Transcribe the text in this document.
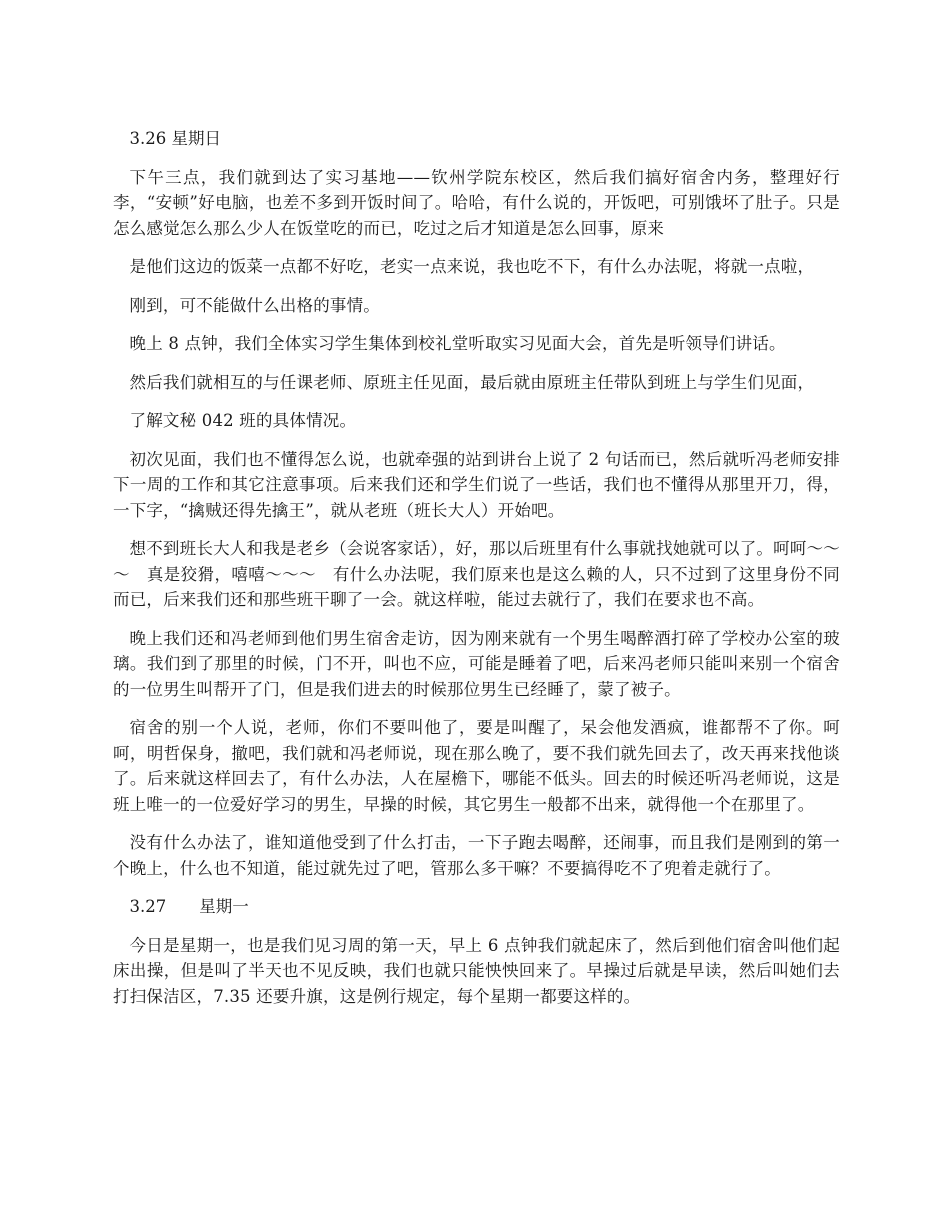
3.26 星期日

下午三点，我们就到达了实习基地——钦州学院东校区，然后我们搞好宿舍内务，整理好行李，“安顿”好电脑，也差不多到开饭时间了。哈哈，有什么说的，开饭吧，可别饿坏了肚子。只是怎么感觉怎么那么少人在饭堂吃的而已，吃过之后才知道是怎么回事，原来

是他们这边的饭菜一点都不好吃，老实一点来说，我也吃不下，有什么办法呢，将就一点啦，

刚到，可不能做什么出格的事情。

晚上 8 点钟，我们全体实习学生集体到校礼堂听取实习见面大会，首先是听领导们讲话。

然后我们就相互的与任课老师、原班主任见面，最后就由原班主任带队到班上与学生们见面，

了解文秘 042 班的具体情况。

初次见面，我们也不懂得怎么说，也就牵强的站到讲台上说了 2 句话而已，然后就听冯老师安排下一周的工作和其它注意事项。后来我们还和学生们说了一些话，我们也不懂得从那里开刀，得，一下字，“擒贼还得先擒王”，就从老班（班长大人）开始吧。

想不到班长大人和我是老乡（会说客家话），好，那以后班里有什么事就找她就可以了。呵呵～～～　真是狡猾，嘻嘻～～～　有什么办法呢，我们原来也是这么赖的人，只不过到了这里身份不同而已，后来我们还和那些班干聊了一会。就这样啦，能过去就行了，我们在要求也不高。

晚上我们还和冯老师到他们男生宿舍走访，因为刚来就有一个男生喝醉酒打碎了学校办公室的玻璃。我们到了那里的时候，门不开，叫也不应，可能是睡着了吧，后来冯老师只能叫来别一个宿舍的一位男生叫帮开了门，但是我们进去的时候那位男生已经睡了，蒙了被子。

宿舍的别一个人说，老师，你们不要叫他了，要是叫醒了，呆会他发酒疯，谁都帮不了你。呵呵，明哲保身，撤吧，我们就和冯老师说，现在那么晚了，要不我们就先回去了，改天再来找他谈了。后来就这样回去了，有什么办法，人在屋檐下，哪能不低头。回去的时候还听冯老师说，这是班上唯一的一位爱好学习的男生，早操的时候，其它男生一般都不出来，就得他一个在那里了。

没有什么办法了，谁知道他受到了什么打击，一下子跑去喝醉，还闹事，而且我们是刚到的第一个晚上，什么也不知道，能过就先过了吧，管那么多干嘛？不要搞得吃不了兜着走就行了。

3.27　　星期一

今日是星期一，也是我们见习周的第一天，早上 6 点钟我们就起床了，然后到他们宿舍叫他们起床出操，但是叫了半天也不见反映，我们也就只能怏怏回来了。早操过后就是早读，然后叫她们去打扫保洁区，7.35 还要升旗，这是例行规定，每个星期一都要这样的。
